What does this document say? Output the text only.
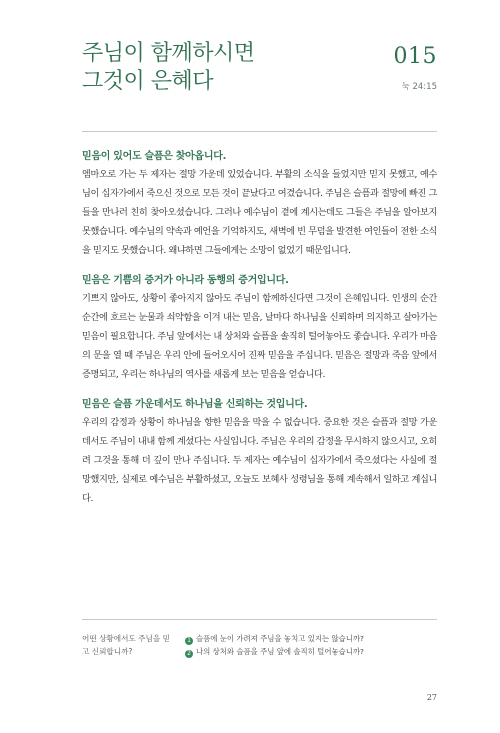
주님이 함께하시면
그것이 은혜다
015
눅 24:15
믿음이 있어도 슬픔은 찾아옵니다.

엠마오로 가는 두 제자는 절망 가운데 있었습니다. 부활의 소식을 들었지만 믿지 못했고, 예수님이 십자가에서 죽으신 것으로 모든 것이 끝났다고 여겼습니다. 주님은 슬픔과 절망에 빠진 그들을 만나러 친히 찾아오셨습니다. 그러나 예수님이 곁에 계시는데도 그들은 주님을 알아보지 못했습니다. 예수님의 약속과 예언을 기억하지도, 새벽에 빈 무덤을 발견한 여인들이 전한 소식을 믿지도 못했습니다. 왜냐하면 그들에게는 소망이 없었기 때문입니다.

믿음은 기쁨의 증거가 아니라 동행의 증거입니다.

기쁘지 않아도, 상황이 좋아지지 않아도 주님이 함께하신다면 그것이 은혜입니다. 인생의 순간순간에 흐르는 눈물과 쇠약함을 이겨 내는 믿음, 날마다 하나님을 신뢰하며 의지하고 살아가는 믿음이 필요합니다. 주님 앞에서는 내 상처와 슬픔을 솔직히 털어놓아도 좋습니다. 우리가 마음의 문을 열 때 주님은 우리 안에 들어오시어 진짜 믿음을 주십니다. 믿음은 절망과 죽음 앞에서 증명되고, 우리는 하나님의 역사를 새롭게 보는 믿음을 얻습니다.

믿음은 슬픔 가운데서도 하나님을 신뢰하는 것입니다.

우리의 감정과 상황이 하나님을 향한 믿음을 막을 수 없습니다. 중요한 것은 슬픔과 절망 가운데서도 주님이 내내 함께 계셨다는 사실입니다. 주님은 우리의 감정을 무시하지 않으시고, 오히려 그것을 통해 더 깊이 만나 주십니다. 두 제자는 예수님이 십자가에서 죽으셨다는 사실에 절망했지만, 실제로 예수님은 부활하셨고, 오늘도 보혜사 성령님을 통해 계속해서 일하고 계십니다.

어떤 상황에서도 주님을 믿고 신뢰합니까?
1 슬픔에 눈이 가려져 주님을 놓치고 있지는 않습니까?
2 나의 상처와 슬픔을 주님 앞에 솔직히 털어놓습니까?
27
